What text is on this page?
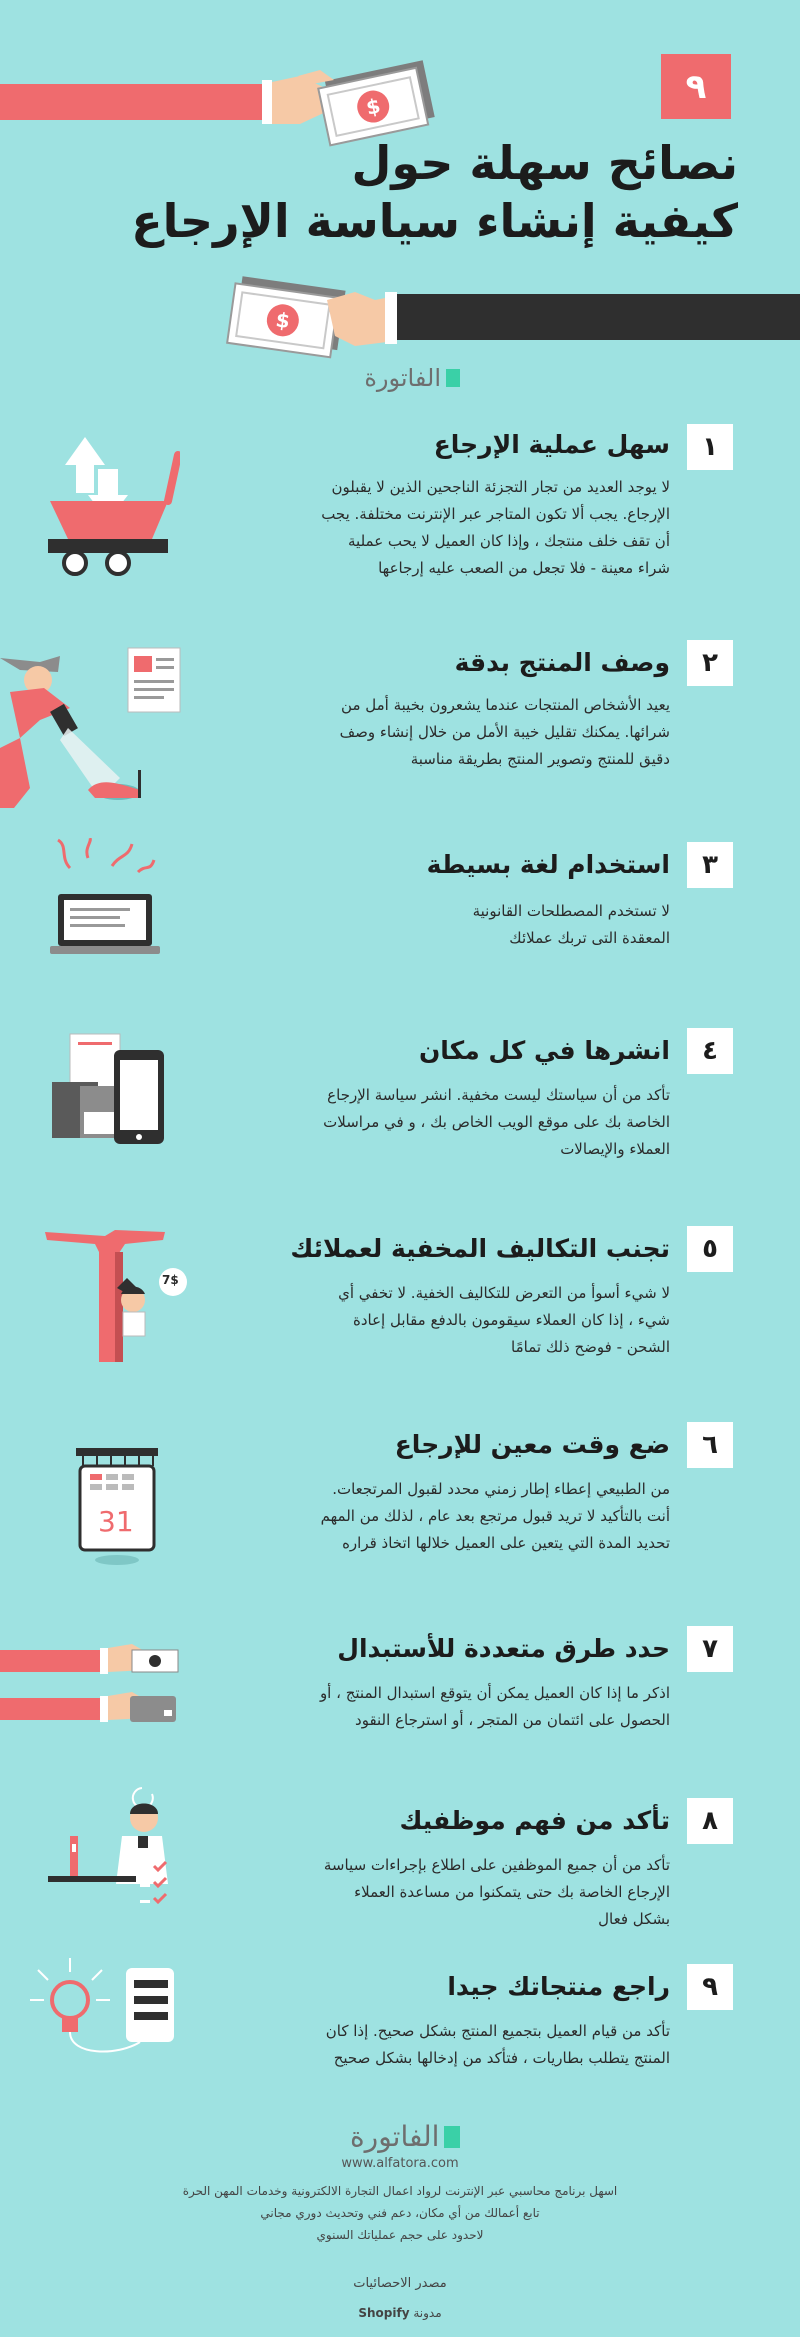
٩
$
نصائح سهلة حول
كيفية إنشاء سياسة الإرجاع
$
الفاتورة
١
سهل عملية الإرجاع
لا يوجد العديد من تجار التجزئة الناجحين الذين لا يقبلون
الإرجاع. يجب ألا تكون المتاجر عبر الإنترنت مختلفة. يجب
أن تقف خلف منتجك ، وإذا كان العميل لا يحب عملية
شراء معينة - فلا تجعل من الصعب عليه إرجاعها
٢
وصف المنتج بدقة
يعيد الأشخاص المنتجات عندما يشعرون بخيبة أمل من
شرائها. يمكنك تقليل خيبة الأمل من خلال إنشاء وصف
دقيق للمنتج وتصوير المنتج بطريقة مناسبة
٣
استخدام لغة بسيطة
لا تستخدم المصطلحات القانونية
المعقدة التى تربك عملائك
٤
انشرها في كل مكان
تأكد من أن سياستك ليست مخفية. انشر سياسة الإرجاع
الخاصة بك على موقع الويب الخاص بك ، و في مراسلات
العملاء والإيصالات
٥
تجنب التكاليف المخفية لعملائك
لا شيء أسوأ من التعرض للتكاليف الخفية. لا تخفي أي
شيء ، إذا كان العملاء سيقومون بالدفع مقابل إعادة
الشحن - فوضح ذلك تمامًا
7$
٦
ضع وقت معين للإرجاع
من الطبيعي إعطاء إطار زمني محدد لقبول المرتجعات.
أنت بالتأكيد لا تريد قبول مرتجع بعد عام ، لذلك من المهم
تحديد المدة التي يتعين على العميل خلالها اتخاذ قراره
31
٧
حدد طرق متعددة للأستبدال
اذكر ما إذا كان العميل يمكن أن يتوقع استبدال المنتج ، أو
الحصول على ائتمان من المتجر ، أو استرجاع النقود
٨
تأكد من فهم موظفيك
تأكد من أن جميع الموظفين على اطلاع بإجراءات سياسة
الإرجاع الخاصة بك حتى يتمكنوا من مساعدة العملاء
بشكل فعال
٩
راجع منتجاتك جيدا
تأكد من قيام العميل بتجميع المنتج بشكل صحيح. إذا كان
المنتج يتطلب بطاريات ، فتأكد من إدخالها بشكل صحيح
الفاتورة
www.alfatora.com
اسهل برنامج محاسبي عبر الإنترنت لرواد اعمال التجارة الالكترونية وخدمات المهن الحرة
تابع أعمالك من أي مكان، دعم فني وتحديث دوري مجاني
لاحدود على حجم عملياتك السنوي
مصدر الاحصائيات
مدونة Shopify
